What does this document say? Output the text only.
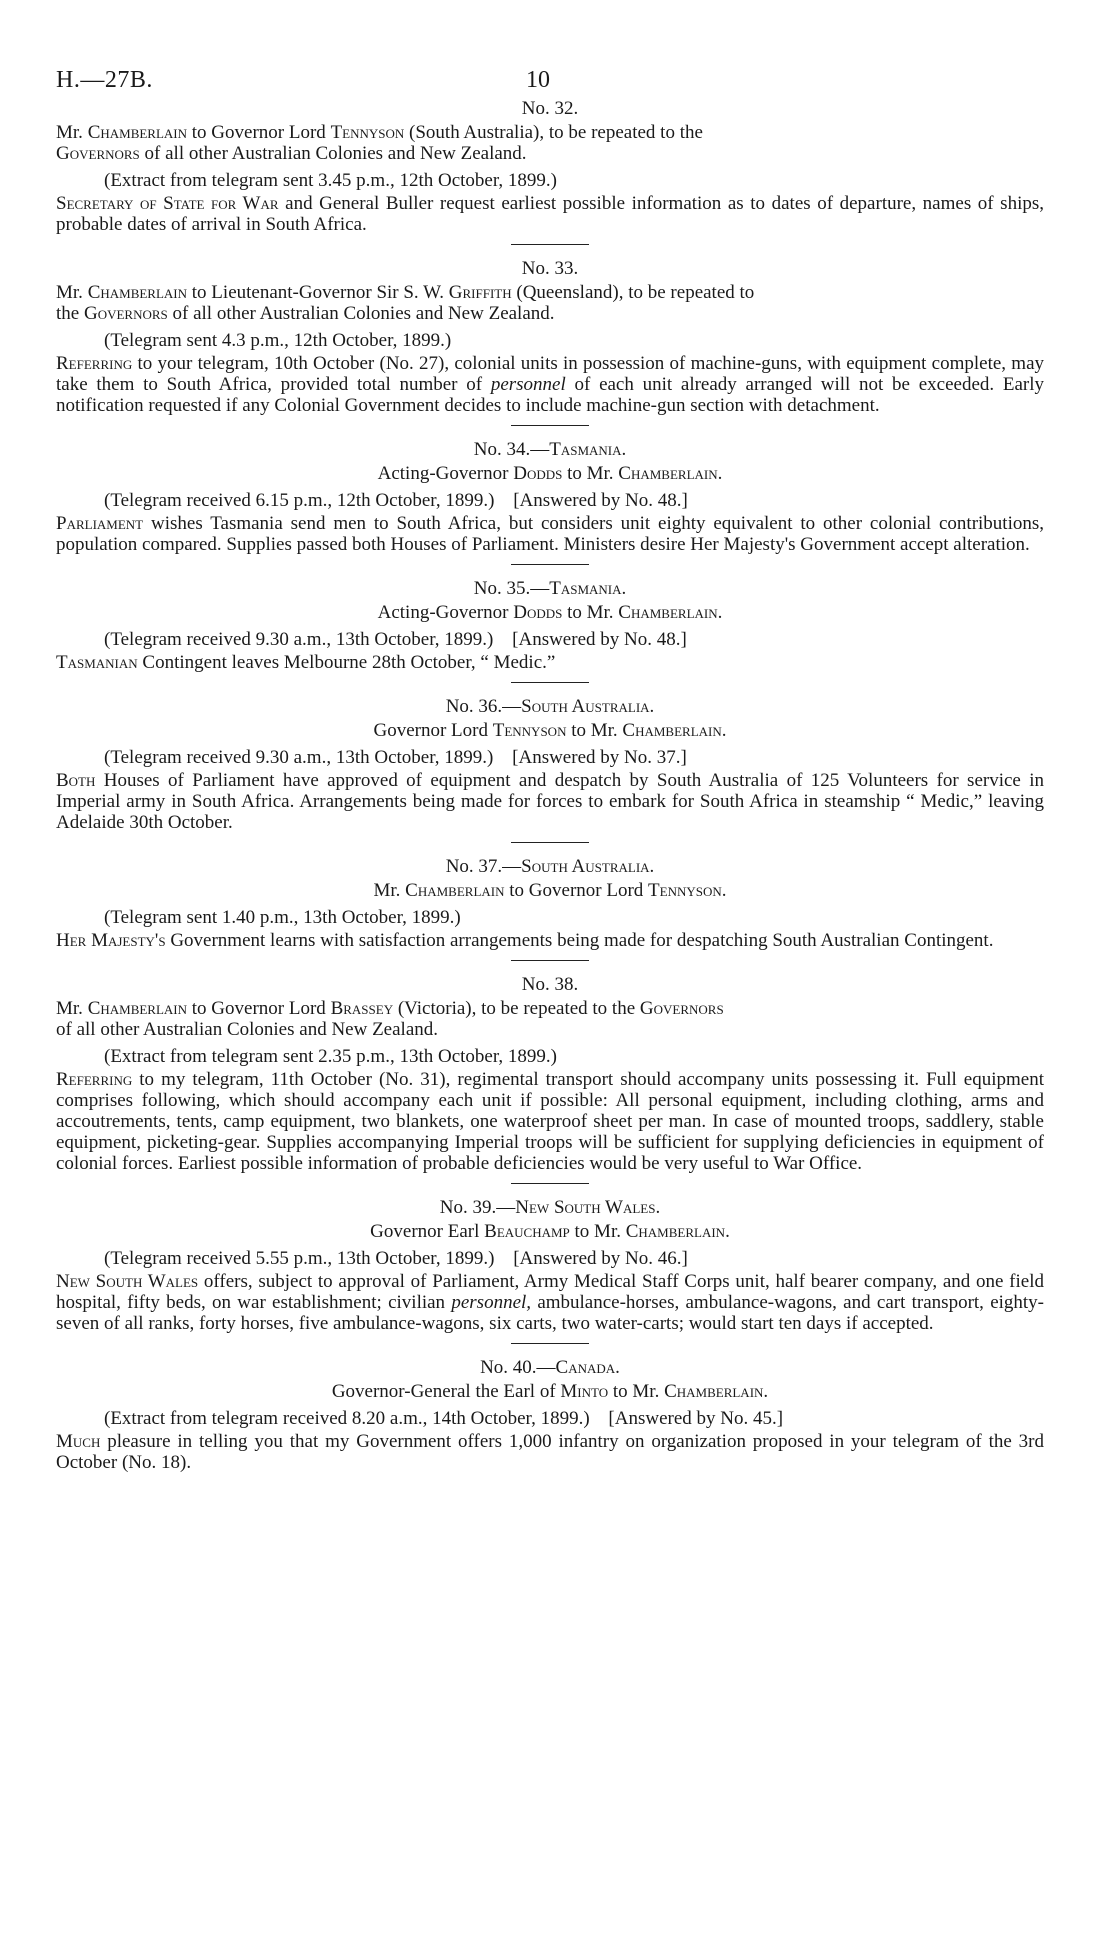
H.—27B.	10
No. 32.
Mr. Chamberlain to Governor Lord Tennyson (South Australia), to be repeated to the
Governors of all other Australian Colonies and New Zealand.
(Extract from telegram sent 3.45 p.m., 12th October, 1899.)

Secretary of State for War and General Buller request earliest possible information as to dates of departure, names of ships, probable dates of arrival in South Africa.

No. 33.
Mr. Chamberlain to Lieutenant-Governor Sir S. W. Griffith (Queensland), to be repeated to
the Governors of all other Australian Colonies and New Zealand.
(Telegram sent 4.3 p.m., 12th October, 1899.)

Referring to your telegram, 10th October (No. 27), colonial units in possession of machine-guns, with equipment complete, may take them to South Africa, provided total number of personnel of each unit already arranged will not be exceeded. Early notification requested if any Colonial Government decides to include machine-gun section with detachment.

No. 34.—Tasmania.
Acting-Governor Dodds to Mr. Chamberlain.
(Telegram received 6.15 p.m., 12th October, 1899.) [Answered by No. 48.]

Parliament wishes Tasmania send men to South Africa, but considers unit eighty equivalent to other colonial contributions, population compared. Supplies passed both Houses of Parliament. Ministers desire Her Majesty's Government accept alteration.

No. 35.—Tasmania.
Acting-Governor Dodds to Mr. Chamberlain.
(Telegram received 9.30 a.m., 13th October, 1899.) [Answered by No. 48.]

Tasmanian Contingent leaves Melbourne 28th October, “ Medic.”

No. 36.—South Australia.
Governor Lord Tennyson to Mr. Chamberlain.
(Telegram received 9.30 a.m., 13th October, 1899.) [Answered by No. 37.]

Both Houses of Parliament have approved of equipment and despatch by South Australia of 125 Volunteers for service in Imperial army in South Africa. Arrangements being made for forces to embark for South Africa in steamship “ Medic,” leaving Adelaide 30th October.

No. 37.—South Australia.
Mr. Chamberlain to Governor Lord Tennyson.
(Telegram sent 1.40 p.m., 13th October, 1899.)

Her Majesty's Government learns with satisfaction arrangements being made for despatching South Australian Contingent.

No. 38.
Mr. Chamberlain to Governor Lord Brassey (Victoria), to be repeated to the Governors
of all other Australian Colonies and New Zealand.
(Extract from telegram sent 2.35 p.m., 13th October, 1899.)

Referring to my telegram, 11th October (No. 31), regimental transport should accompany units possessing it. Full equipment comprises following, which should accompany each unit if possible: All personal equipment, including clothing, arms and accoutrements, tents, camp equipment, two blankets, one waterproof sheet per man. In case of mounted troops, saddlery, stable equipment, picketing-gear. Supplies accompanying Imperial troops will be sufficient for supplying deficiencies in equipment of colonial forces. Earliest possible information of probable deficiencies would be very useful to War Office.

No. 39.—New South Wales.
Governor Earl Beauchamp to Mr. Chamberlain.
(Telegram received 5.55 p.m., 13th October, 1899.) [Answered by No. 46.]

New South Wales offers, subject to approval of Parliament, Army Medical Staff Corps unit, half bearer company, and one field hospital, fifty beds, on war establishment; civilian personnel, ambulance-horses, ambulance-wagons, and cart transport, eighty-seven of all ranks, forty horses, five ambulance-wagons, six carts, two water-carts; would start ten days if accepted.

No. 40.—Canada.
Governor-General the Earl of Minto to Mr. Chamberlain.
(Extract from telegram received 8.20 a.m., 14th October, 1899.) [Answered by No. 45.]

Much pleasure in telling you that my Government offers 1,000 infantry on organization proposed in your telegram of the 3rd October (No. 18).
